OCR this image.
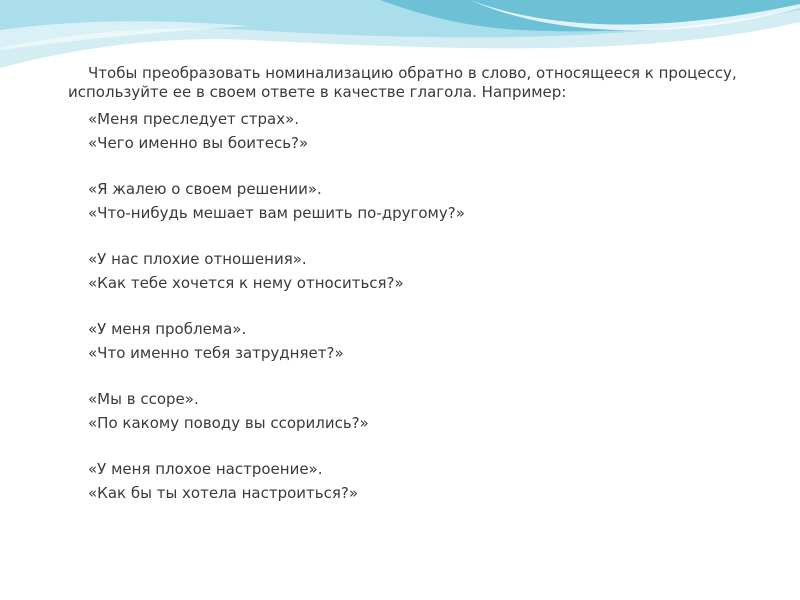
Чтобы преобразовать номинализацию обратно в слово, относящееся к процессу, используйте ее в своем ответе в качестве глагола. Например:

«Меня преследует страх».
«Чего именно вы боитесь?»
«Я жалею о своем решении».
«Что-нибудь мешает вам решить по-другому?»
«У нас плохие отношения».
«Как тебе хочется к нему относиться?»
«У меня проблема».
«Что именно тебя затрудняет?»
«Мы в ссоре».
«По какому поводу вы ссорились?»
«У меня плохое настроение».
«Как бы ты хотела настроиться?»
